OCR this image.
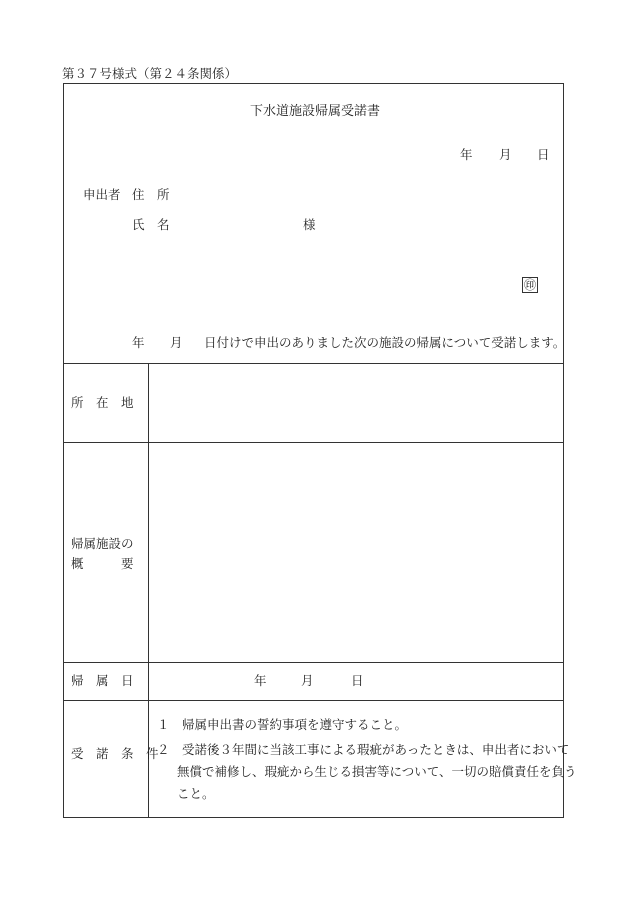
第３７号様式（第２４条関係）
下水道施設帰属受諾書
年 月 日
申出者 住　所
氏　名	様
㊞
年 月 日付けで申出のありました次の施設の帰属について受諾します。
所　在　地
帰属施設の
概　　　要
帰　属　日	年	月	日
受　諾　条　件
１　帰属申出書の誓約事項を遵守すること。
２　受諾後３年間に当該工事による瑕疵があったときは、申出者において
無償で補修し、瑕疵から生じる損害等について、一切の賠償責任を負う
こと。
